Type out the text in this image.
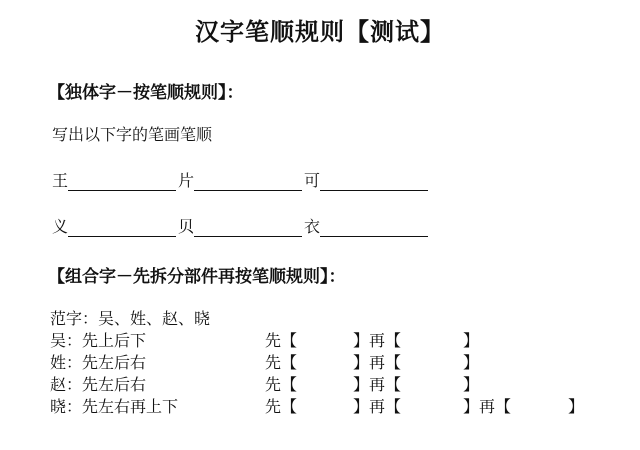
汉字笔顺规则【测试】
【独体字－按笔顺规则】：
写出以下字的笔画笔顺
王	片	可
义	贝	衣
【组合字－先拆分部件再按笔顺规则】：
范字：吴、姓、赵、晓
吴：先上后下	先【	】再【	】
姓：先左后右	先【	】再【	】
赵：先左后右	先【	】再【	】
晓：先左右再上下	先【	】再【	】再【	】
